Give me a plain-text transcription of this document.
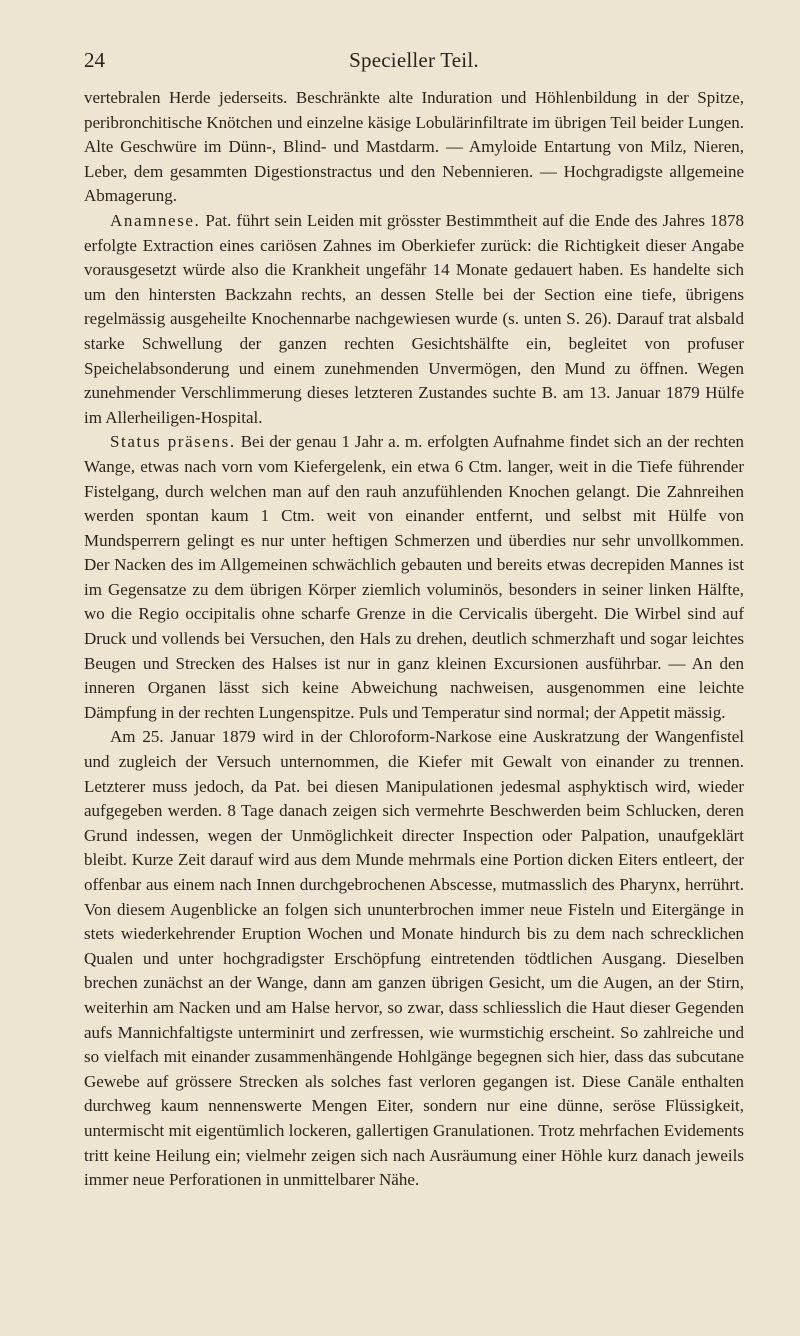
24	Specieller Teil.

vertebralen Herde jederseits. Beschränkte alte Induration und Höhlenbildung in der Spitze, peribronchitische Knötchen und einzelne käsige Lobulärinfiltrate im übrigen Teil beider Lungen. Alte Geschwüre im Dünn-, Blind- und Mastdarm. — Amyloide Entartung von Milz, Nieren, Leber, dem gesammten Digestionstractus und den Nebennieren. — Hochgradigste allgemeine Abmagerung.

Anamnese. Pat. führt sein Leiden mit grösster Bestimmtheit auf die Ende des Jahres 1878 erfolgte Extraction eines cariösen Zahnes im Oberkiefer zurück: die Richtigkeit dieser Angabe vorausgesetzt würde also die Krankheit ungefähr 14 Monate gedauert haben. Es handelte sich um den hintersten Backzahn rechts, an dessen Stelle bei der Section eine tiefe, übrigens regelmässig ausgeheilte Knochennarbe nachgewiesen wurde (s. unten S. 26). Darauf trat alsbald starke Schwellung der ganzen rechten Gesichtshälfte ein, begleitet von profuser Speichelabsonderung und einem zunehmenden Unvermögen, den Mund zu öffnen. Wegen zunehmender Verschlimmerung dieses letzteren Zustandes suchte B. am 13. Januar 1879 Hülfe im Allerheiligen-Hospital.

Status präsens. Bei der genau 1 Jahr a. m. erfolgten Aufnahme findet sich an der rechten Wange, etwas nach vorn vom Kiefergelenk, ein etwa 6 Ctm. langer, weit in die Tiefe führender Fistelgang, durch welchen man auf den rauh anzufühlenden Knochen gelangt. Die Zahnreihen werden spontan kaum 1 Ctm. weit von einander entfernt, und selbst mit Hülfe von Mundsperrern gelingt es nur unter heftigen Schmerzen und überdies nur sehr unvollkommen. Der Nacken des im Allgemeinen schwächlich gebauten und bereits etwas decrepiden Mannes ist im Gegensatze zu dem übrigen Körper ziemlich voluminös, besonders in seiner linken Hälfte, wo die Regio occipitalis ohne scharfe Grenze in die Cervicalis übergeht. Die Wirbel sind auf Druck und vollends bei Versuchen, den Hals zu drehen, deutlich schmerzhaft und sogar leichtes Beugen und Strecken des Halses ist nur in ganz kleinen Excursionen ausführbar. — An den inneren Organen lässt sich keine Abweichung nachweisen, ausgenommen eine leichte Dämpfung in der rechten Lungenspitze. Puls und Temperatur sind normal; der Appetit mässig.

Am 25. Januar 1879 wird in der Chloroform-Narkose eine Auskratzung der Wangenfistel und zugleich der Versuch unternommen, die Kiefer mit Gewalt von einander zu trennen. Letzterer muss jedoch, da Pat. bei diesen Manipulationen jedesmal asphyktisch wird, wieder aufgegeben werden. 8 Tage danach zeigen sich vermehrte Beschwerden beim Schlucken, deren Grund indessen, wegen der Unmöglichkeit directer Inspection oder Palpation, unaufgeklärt bleibt. Kurze Zeit darauf wird aus dem Munde mehrmals eine Portion dicken Eiters entleert, der offenbar aus einem nach Innen durchgebrochenen Abscesse, mutmasslich des Pharynx, herrührt. Von diesem Augenblicke an folgen sich ununterbrochen immer neue Fisteln und Eitergänge in stets wiederkehrender Eruption Wochen und Monate hindurch bis zu dem nach schrecklichen Qualen und unter hochgradigster Erschöpfung eintretenden tödtlichen Ausgang. Dieselben brechen zunächst an der Wange, dann am ganzen übrigen Gesicht, um die Augen, an der Stirn, weiterhin am Nacken und am Halse hervor, so zwar, dass schliesslich die Haut dieser Gegenden aufs Mannichfaltigste unterminirt und zerfressen, wie wurmstichig erscheint. So zahlreiche und so vielfach mit einander zusammenhängende Hohlgänge begegnen sich hier, dass das subcutane Gewebe auf grössere Strecken als solches fast verloren gegangen ist. Diese Canäle enthalten durchweg kaum nennenswerte Mengen Eiter, sondern nur eine dünne, seröse Flüssigkeit, untermischt mit eigentümlich lockeren, gallertigen Granulationen. Trotz mehrfachen Evidements tritt keine Heilung ein; vielmehr zeigen sich nach Ausräumung einer Höhle kurz danach jeweils immer neue Perforationen in unmittelbarer Nähe.
